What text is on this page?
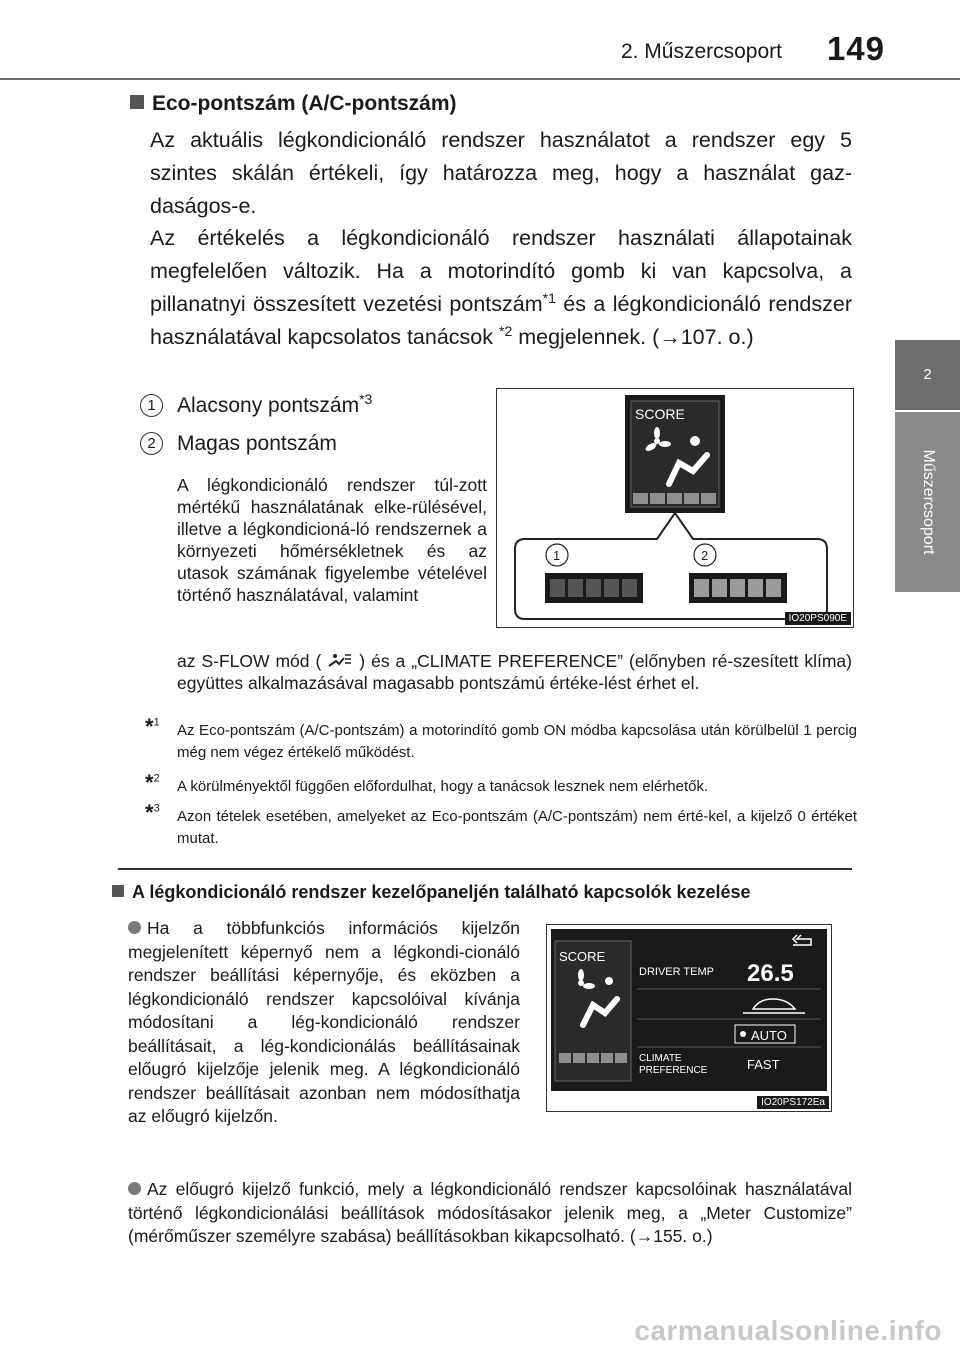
2. Műszercsoport 149
2
Műszercsoport
Eco-pontszám (A/C-pontszám)
Az aktuális légkondicionáló rendszer használatot a rendszer egy 5 szintes skálán értékeli, így határozza meg, hogy a használat gaz-daságos-e.
Az értékelés a légkondicionáló rendszer használati állapotainak megfelelően változik. Ha a motorindító gomb ki van kapcsolva, a pillanatnyi összesített vezetési pontszám$^{*1}$ és a légkondicionáló rendszer használatával kapcsolatos tanácsok $^{*2}$ megjelennek. (→107. o.)
1 Alacsony pontszám$^{*3}$
2 Magas pontszám
A légkondicionáló rendszer túl-zott mértékű használatának elke-rülésével, illetve a légkondicioná-ló rendszernek a környezeti hőmérsékletnek és az utasok számának figyelembe vételével történő használatával, valamint
az S-FLOW mód ( ) és a „CLIMATE PREFERENCE” (előnyben ré-szesített klíma) együttes alkalmazásával magasabb pontszámú értéke-lést érhet el.
SCORE
1	2
IO20PS090E
*$^1$ Az Eco-pontszám (A/C-pontszám) a motorindító gomb ON módba kapcsolása után körülbelül 1 percig még nem végez értékelő működést.
*$^2$ A körülményektől függően előfordulhat, hogy a tanácsok lesznek nem elérhetők.
*$^3$ Azon tételek esetében, amelyeket az Eco-pontszám (A/C-pontszám) nem érté-kel, a kijelző 0 értéket mutat.
A légkondicionáló rendszer kezelőpaneljén található kapcsolók kezelése
Ha a többfunkciós információs kijelzőn megjelenített képernyő nem a légkondi-cionáló rendszer beállítási képernyője, és eközben a légkondicionáló rendszer kapcsolóival kívánja módosítani a lég-kondicionáló rendszer beállításait, a lég-kondicionálás beállításainak előugró kijelzője jelenik meg. A légkondicionáló rendszer beállításait azonban nem módosíthatja az előugró kijelzőn.
SCORE
DRIVER TEMP 26.5
AUTO
CLIMATE
PREFERENCE	FAST
IO20PS172Ea
Az előugró kijelző funkció, mely a légkondicionáló rendszer kapcsolóinak használatával történő légkondicionálási beállítások módosításakor jelenik meg, a „Meter Customize” (mérőműszer személyre szabása) beállításokban kikapcsolható. (→155. o.)
carmanualsonline.info
